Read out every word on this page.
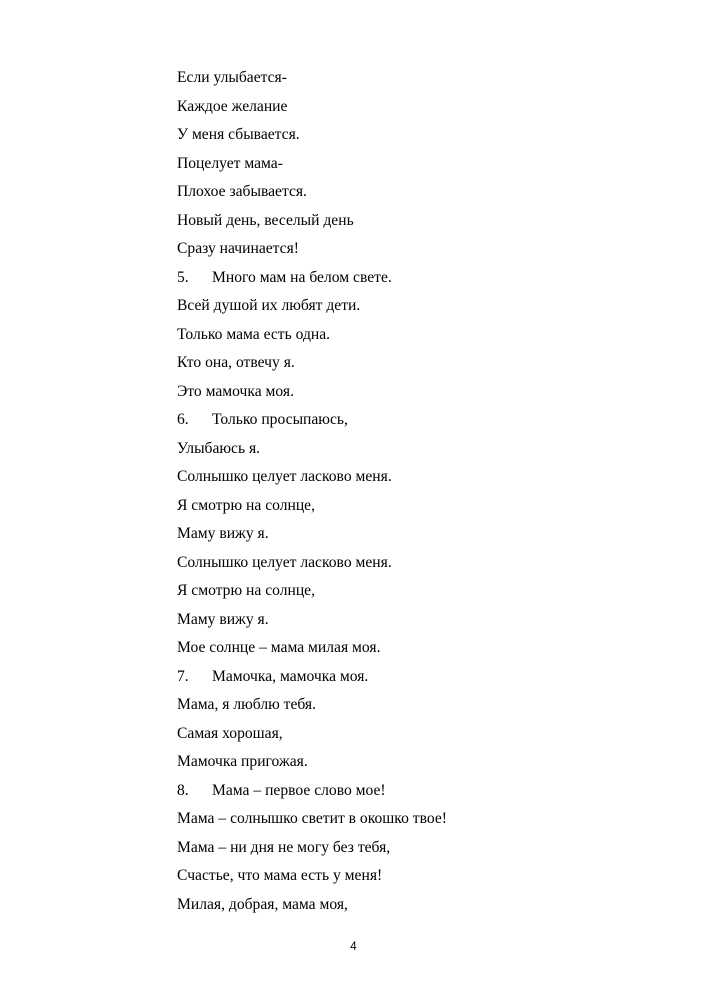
Если улыбается-
Каждое желание
У меня сбывается.
Поцелует мама-
Плохое забывается.
Новый день, веселый день
Сразу начинается!
5. Много мам на белом свете.
Всей душой их любят дети.
Только мама есть одна.
Кто она, отвечу я.
Это мамочка моя.
6. Только просыпаюсь,
Улыбаюсь я.
Солнышко целует ласково меня.
Я смотрю на солнце,
Маму вижу я.
Солнышко целует ласково меня.
Я смотрю на солнце,
Маму вижу я.
Мое солнце – мама милая моя.
7. Мамочка, мамочка моя.
Мама, я люблю тебя.
Самая хорошая,
Мамочка пригожая.
8. Мама – первое слово мое!
Мама – солнышко светит в окошко твое!
Мама – ни дня не могу без тебя,
Счастье, что мама есть у меня!
Милая, добрая, мама моя,
4
